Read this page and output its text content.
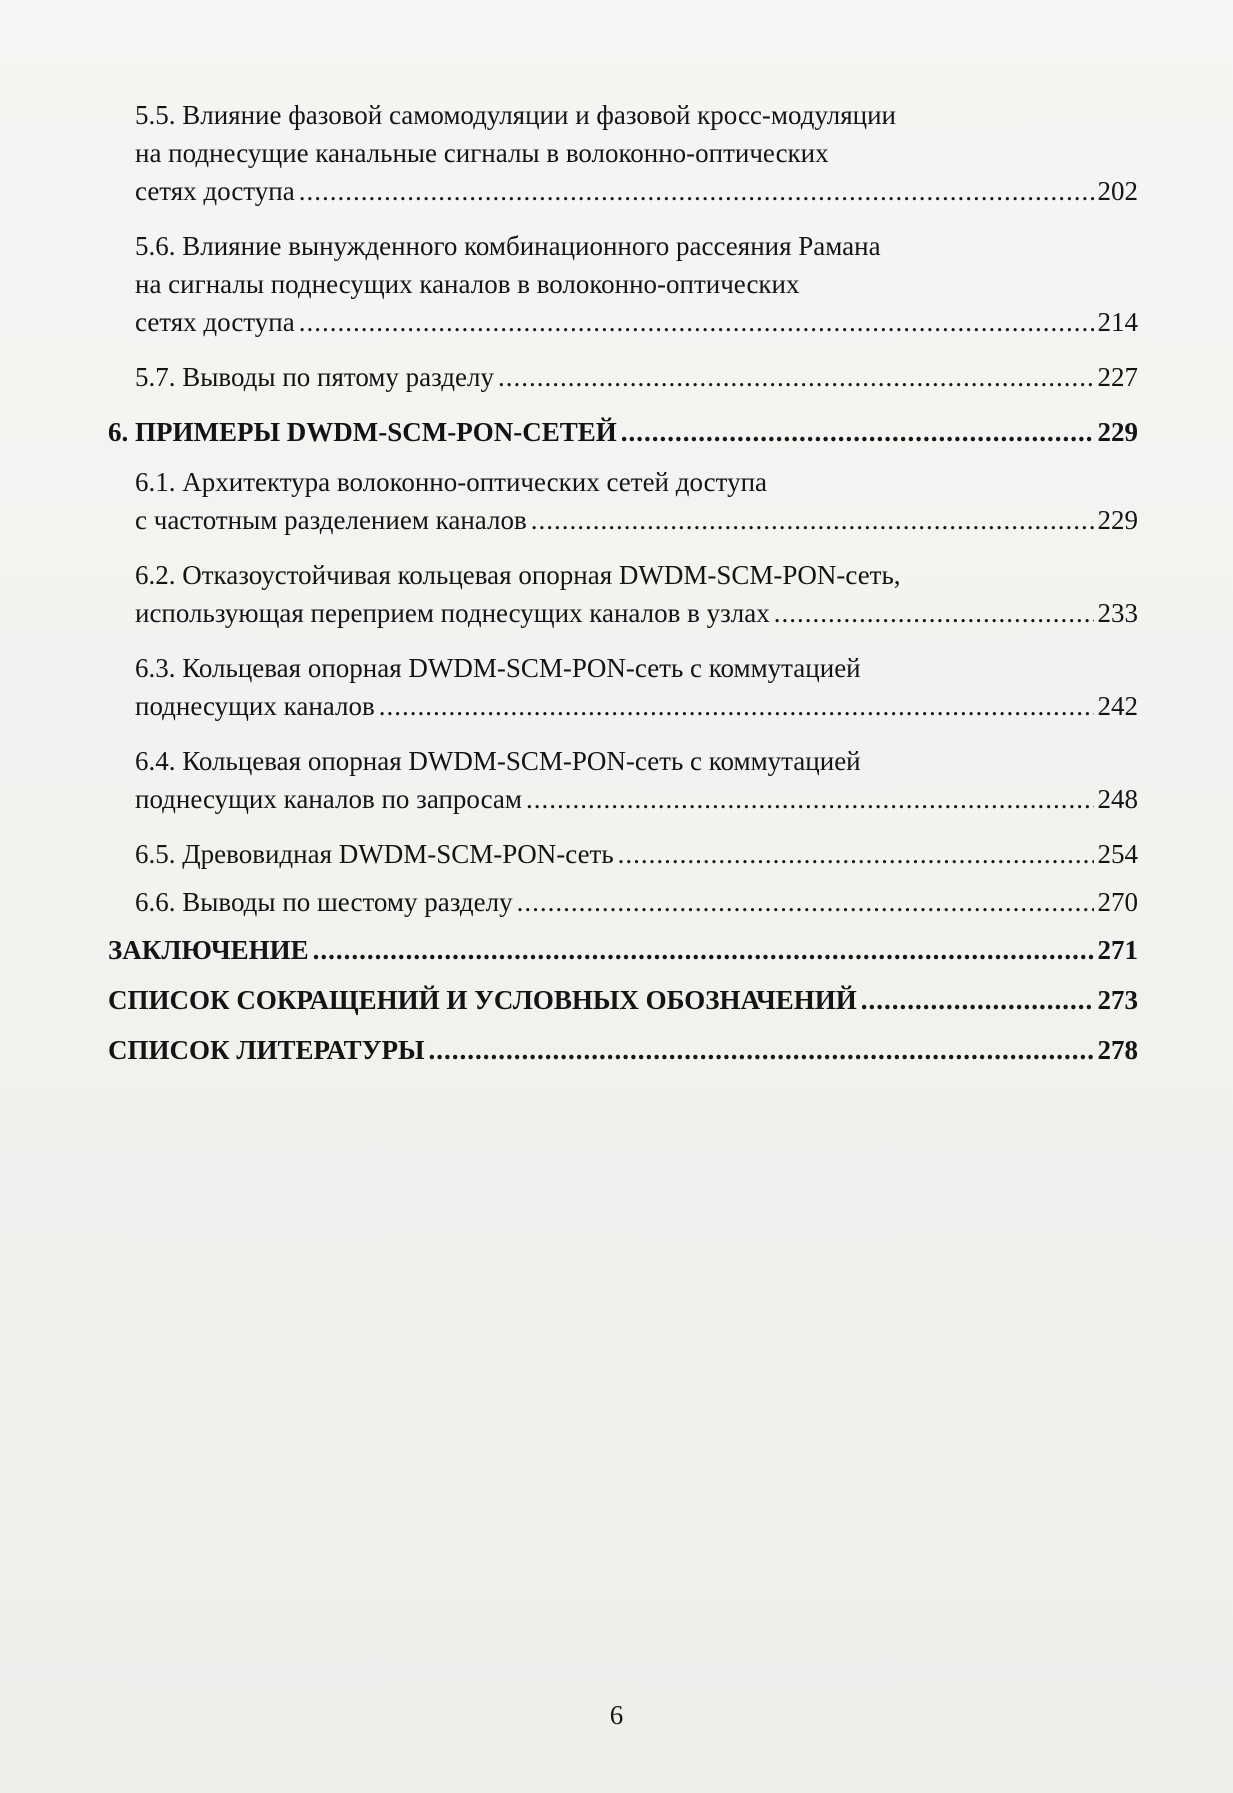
5.5. Влияние фазовой самомодуляции и фазовой кросс-модуляции
на поднесущие канальные сигналы в волоконно-оптических
сетях доступа .....	202
5.6. Влияние вынужденного комбинационного рассеяния Рамана
на сигналы поднесущих каналов в волоконно-оптических
сетях доступа .....	214
5.7. Выводы по пятому разделу .....	227
6. ПРИМЕРЫ DWDM-SCM-PON-СЕТЕЙ .....	229
6.1. Архитектура волоконно-оптических сетей доступа
с частотным разделением каналов .....	229
6.2. Отказоустойчивая кольцевая опорная DWDM-SCM-PON-сеть,
использующая переприем поднесущих каналов в узлах .....	233
6.3. Кольцевая опорная DWDM-SCM-PON-сеть с коммутацией
поднесущих каналов .....	242
6.4. Кольцевая опорная DWDM-SCM-PON-сеть с коммутацией
поднесущих каналов по запросам .....	248
6.5. Древовидная DWDM-SCM-PON-сеть .....	254
6.6. Выводы по шестому разделу .....	270
ЗАКЛЮЧЕНИЕ .....	271
СПИСОК СОКРАЩЕНИЙ И УСЛОВНЫХ ОБОЗНАЧЕНИЙ .....	273
СПИСОК ЛИТЕРАТУРЫ .....	278
6
